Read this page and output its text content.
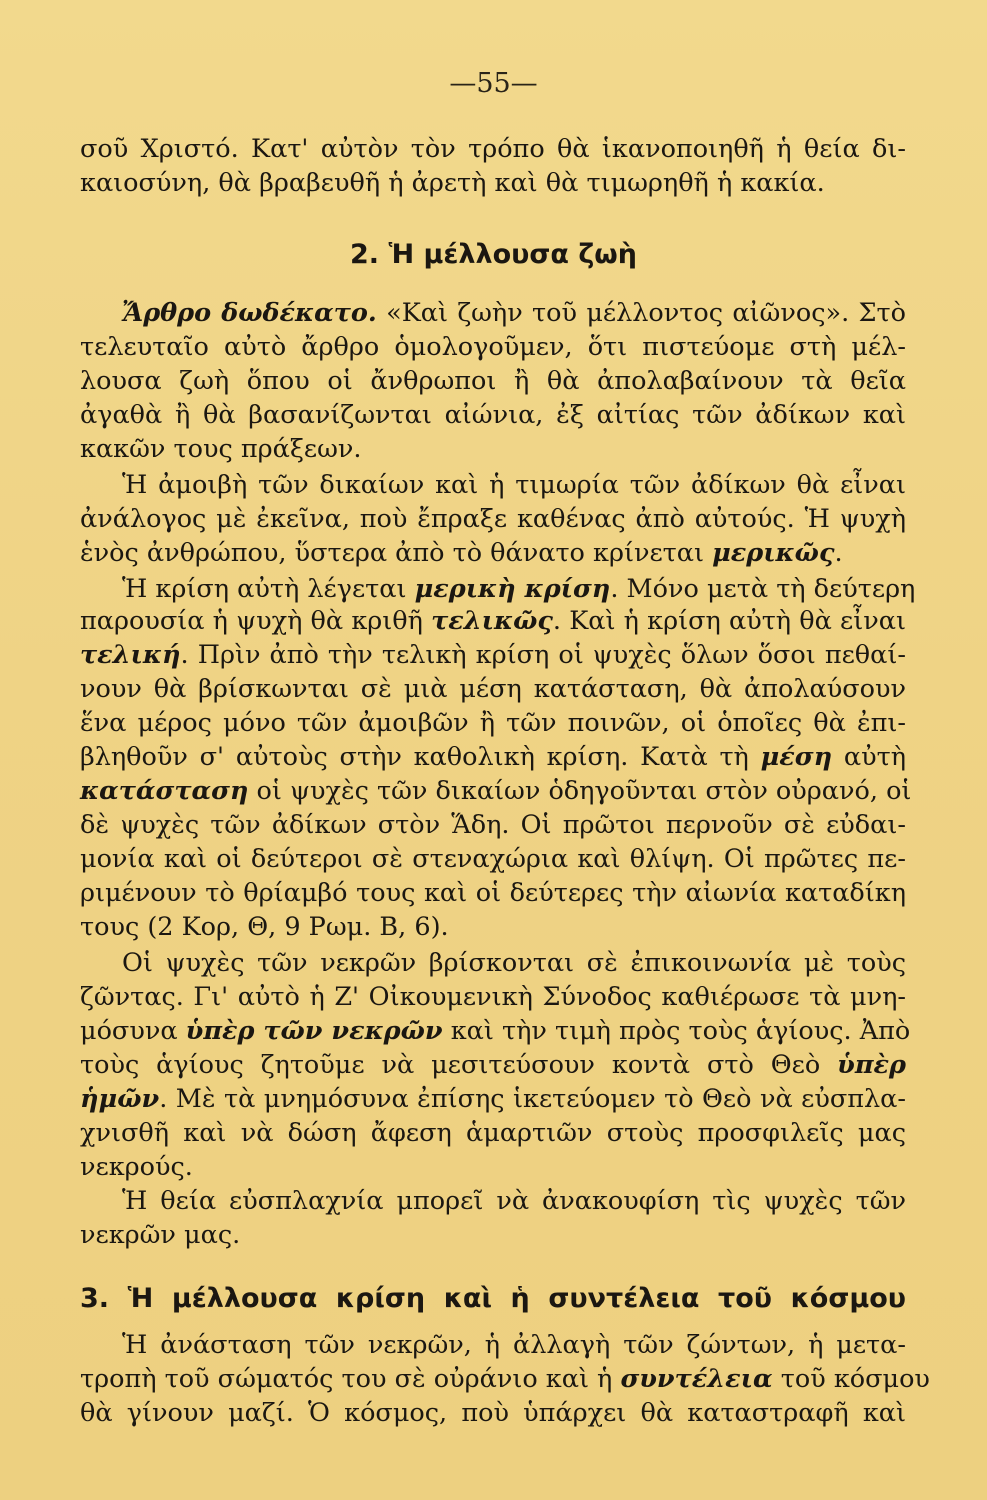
—55—
σοῦ Χριστό. Κατ' αὐτὸν τὸν τρόπο θὰ ἱκανοποιηθῆ ἡ θεία δι-
καιοσύνη, θὰ βραβευθῆ ἡ ἀρετὴ καὶ θὰ τιμωρηθῆ ἡ κακία.
2. Ἡ μέλλουσα ζωὴ
Ἄρθρο δωδέκατο. «Καὶ ζωὴν τοῦ μέλλοντος αἰῶνος». Στὸ
τελευταῖο αὐτὸ ἄρθρο ὁμολογοῦμεν, ὅτι πιστεύομε στὴ μέλ-
λουσα ζωὴ ὅπου οἱ ἄνθρωποι ἢ θὰ ἀπολαβαίνουν τὰ θεῖα
ἀγαθὰ ἢ θὰ βασανίζωνται αἰώνια, ἐξ αἰτίας τῶν ἀδίκων καὶ
κακῶν τους πράξεων.
Ἡ ἀμοιβὴ τῶν δικαίων καὶ ἡ τιμωρία τῶν ἀδίκων θὰ εἶναι
ἀνάλογος μὲ ἐκεῖνα, ποὺ ἔπραξε καθένας ἀπὸ αὐτούς. Ἡ ψυχὴ
ἑνὸς ἀνθρώπου, ὕστερα ἀπὸ τὸ θάνατο κρίνεται μερικῶς.
Ἡ κρίση αὐτὴ λέγεται μερικὴ κρίση. Μόνο μετὰ τὴ δεύτερη
παρουσία ἡ ψυχὴ θὰ κριθῆ τελικῶς. Καὶ ἡ κρίση αὐτὴ θὰ εἶναι
τελική. Πρὶν ἀπὸ τὴν τελικὴ κρίση οἱ ψυχὲς ὅλων ὅσοι πεθαί-
νουν θὰ βρίσκωνται σὲ μιὰ μέση κατάσταση, θὰ ἀπολαύσουν
ἕνα μέρος μόνο τῶν ἀμοιβῶν ἢ τῶν ποινῶν, οἱ ὁποῖες θὰ ἐπι-
βληθοῦν σ' αὐτοὺς στὴν καθολικὴ κρίση. Κατὰ τὴ μέση αὐτὴ
κατάσταση οἱ ψυχὲς τῶν δικαίων ὁδηγοῦνται στὸν οὐρανό, οἱ
δὲ ψυχὲς τῶν ἀδίκων στὸν Ἅδη. Οἱ πρῶτοι περνοῦν σὲ εὐδαι-
μονία καὶ οἱ δεύτεροι σὲ στεναχώρια καὶ θλίψη. Οἱ πρῶτες πε-
ριμένουν τὸ θρίαμβό τους καὶ οἱ δεύτερες τὴν αἰωνία καταδίκη
τους (2 Κορ, Θ, 9 Ρωμ. Β, 6).
Οἱ ψυχὲς τῶν νεκρῶν βρίσκονται σὲ ἐπικοινωνία μὲ τοὺς
ζῶντας. Γι' αὐτὸ ἡ Ζ' Οἰκουμενικὴ Σύνοδος καθιέρωσε τὰ μνη-
μόσυνα ὑπὲρ τῶν νεκρῶν καὶ τὴν τιμὴ πρὸς τοὺς ἁγίους. Ἀπὸ
τοὺς ἁγίους ζητοῦμε νὰ μεσιτεύσουν κοντὰ στὸ Θεὸ ὑπὲρ
ἡμῶν. Μὲ τὰ μνημόσυνα ἐπίσης ἱκετεύομεν τὸ Θεὸ νὰ εὐσπλα-
χνισθῆ καὶ νὰ δώση ἄφεση ἁμαρτιῶν στοὺς προσφιλεῖς μας
νεκρούς.
Ἡ θεία εὐσπλαχνία μπορεῖ νὰ ἀνακουφίση τὶς ψυχὲς τῶν
νεκρῶν μας.
3. Ἡ μέλλουσα κρίση καὶ ἡ συντέλεια τοῦ κόσμου
Ἡ ἀνάσταση τῶν νεκρῶν, ἡ ἀλλαγὴ τῶν ζώντων, ἡ μετα-
τροπὴ τοῦ σώματός του σὲ οὐράνιο καὶ ἡ συντέλεια τοῦ κόσμου
θὰ γίνουν μαζί. Ὁ κόσμος, ποὺ ὑπάρχει θὰ καταστραφῆ καὶ
